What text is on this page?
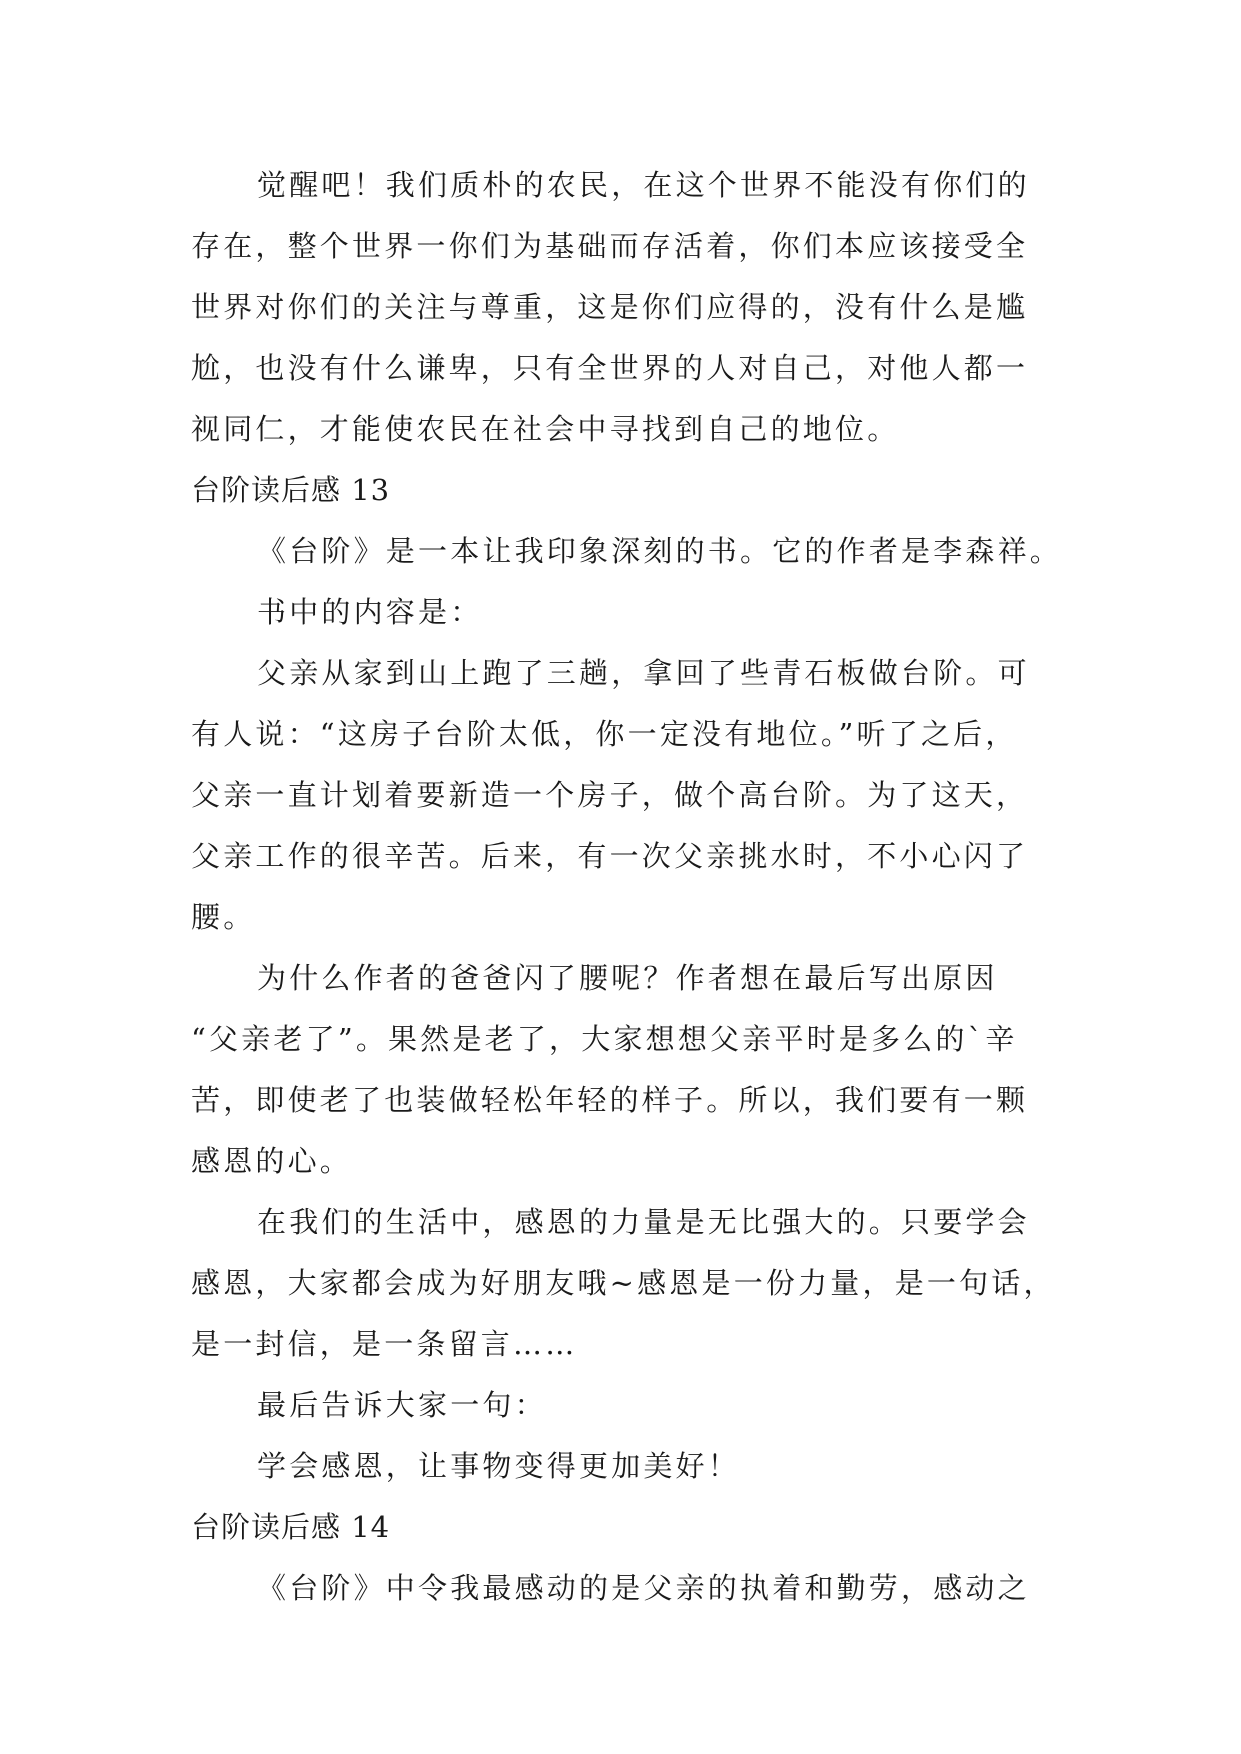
觉醒吧！我们质朴的农民，在这个世界不能没有你们的
存在，整个世界一你们为基础而存活着，你们本应该接受全
世界对你们的关注与尊重，这是你们应得的，没有什么是尴
尬，也没有什么谦卑，只有全世界的人对自己，对他人都一
视同仁，才能使农民在社会中寻找到自己的地位。
台阶读后感 13
《台阶》是一本让我印象深刻的书。它的作者是李森祥。
书中的内容是：
父亲从家到山上跑了三趟，拿回了些青石板做台阶。可
有人说：“这房子台阶太低，你一定没有地位。”听了之后，
父亲一直计划着要新造一个房子，做个高台阶。为了这天，
父亲工作的很辛苦。后来，有一次父亲挑水时，不小心闪了
腰。
为什么作者的爸爸闪了腰呢？作者想在最后写出原因
“父亲老了”。果然是老了，大家想想父亲平时是多么的`辛
苦，即使老了也装做轻松年轻的样子。所以，我们要有一颗
感恩的心。
在我们的生活中，感恩的力量是无比强大的。只要学会
感恩，大家都会成为好朋友哦~感恩是一份力量，是一句话，
是一封信，是一条留言……
最后告诉大家一句：
学会感恩，让事物变得更加美好！
台阶读后感 14
《台阶》中令我最感动的是父亲的执着和勤劳，感动之
